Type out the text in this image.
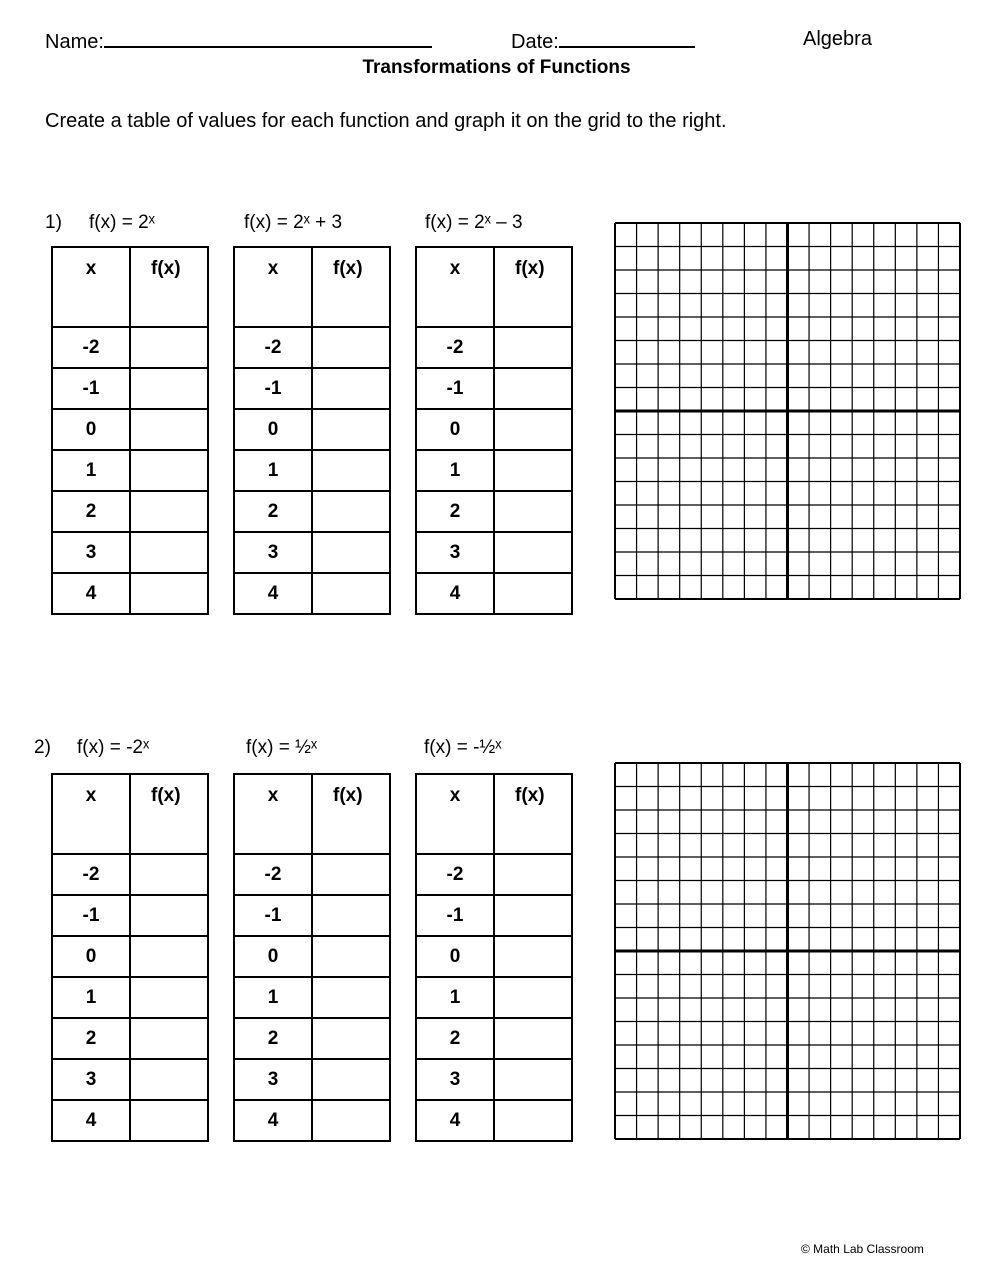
Name:	Date:	Algebra
Transformations of Functions
Create a table of values for each function and graph it on the grid to the right.
1) f(x) = 2ˣ	f(x) = 2ˣ + 3	f(x) = 2ˣ – 3
2) f(x) = -2ˣ	f(x) = ½ˣ	f(x) = -½ˣ
x	f(x)
-2	
-1	
0	
1	
2	
3	
4	
x	f(x)
-2	
-1	
0	
1	
2	
3	
4	
x	f(x)
-2	
-1	
0	
1	
2	
3	
4	
x	f(x)
-2	
-1	
0	
1	
2	
3	
4	
x	f(x)
-2	
-1	
0	
1	
2	
3	
4	
x	f(x)
-2	
-1	
0	
1	
2	
3	
4	
© Math Lab Classroom
